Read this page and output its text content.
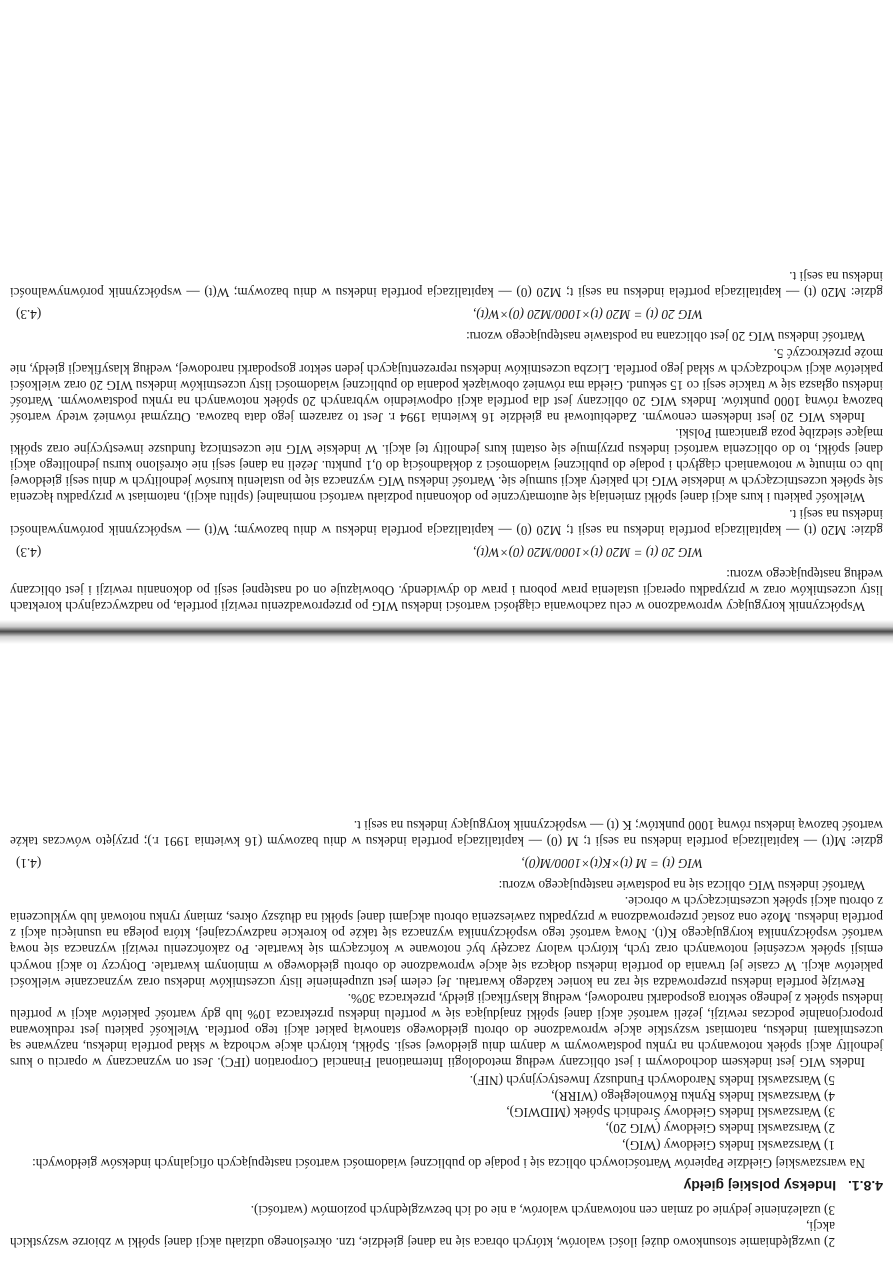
2) uwzględniamie stosunkowo dużej ilości walorów, których obraca się na danej giełdzie, tzn. określonego udziału akcji danej spółki w zbiorze wszystkich akcji,
3) uzależnienie jedynie od zmian cen notowanych walorów, a nie od ich bezwzględnych poziomów (wartości).
4.8.1. Indeksy polskiej giełdy

Na warszawskiej Giełdzie Papierów Wartościowych oblicza się i podaje do publicznej wiadomości wartości następujących oficjalnych indeksów giełdowych:

1) Warszawski Indeks Giełdowy (WIG),
2) Warszawski Indeks Giełdowy (WIG 20),
3) Warszawski Indeks Giełdowy Średnich Spółek (MIDWIG),
4) Warszawski Indeks Rynku Równoległego (WIRR),
5) Warszawski Indeks Narodowych Funduszy Inwestycyjnych (NIF).

Indeks WIG jest indeksem dochodowym i jest obliczany według metodologii International Financial Corporation (IFC). Jest on wyznaczany w oparciu o kurs jednolity akcji spółek notowanych na rynku podstawowym w danym dniu giełdowej sesji. Spółki, których akcje wchodzą w skład portfela indeksu, nazywane są uczestnikami indeksu, natomiast wszystkie akcje wprowadzone do obrotu giełdowego stanowią pakiet akcji tego portfela. Wielkość pakietu jest redukowana proporcjonalnie podczas rewizji, jeżeli wartość akcji danej spółki znajdująca się w portfelu indeksu przekracza 10% lub gdy wartość pakietów akcji w portfelu indeksu spółek z jednego sektora gospodarki narodowej, według klasyfikacji giełdy, przekracza 30%.

Rewizję portfela indeksu przeprowadza się raz na koniec każdego kwartału. Jej celem jest uzupełnienie listy uczestników indeksu oraz wyznaczanie wielkości pakietów akcji. W czasie jej trwania do portfela indeksu dołącza się akcje wprowadzone do obrotu giełdowego w minionym kwartale. Dotyczy to akcji nowych emisji spółek wcześniej notowanych oraz tych, których walory zaczęły być notowane w kończącym się kwartale. Po zakończeniu rewizji wyznacza się nową wartość współczynnika korygującego K(t). Nową wartość tego współczynnika wyznacza się także po korekcie nadzwyczajnej, która polega na usunięciu akcji z portfela indeksu. Może ona zostać przeprowadzona w przypadku zawieszenia obrotu akcjami danej spółki na dłuższy okres, zmiany rynku notowań lub wykluczenia z obrotu akcji spółek uczestniczących w obrocie.

Wartość indeksu WIG oblicza się na podstawie następującego wzoru:

WIG (t) = M (t)×K(t)×1000/M(0),
(4.1)

gdzie: M(t) — kapitalizacja portfela indeksu na sesji t; M (0) — kapitalizacja portfela indeksu w dniu bazowym (16 kwietnia 1991 r.); przyjęto wówczas także wartość bazową indeksu równą 1000 punktów; K (t) — współczynnik korygujący indeksu na sesji t.

Współczynnik korygujący wprowadzono w celu zachowania ciągłości wartości indeksu WIG po przeprowadzeniu rewizji portfela, po nadzwyczajnych korektach listy uczestników oraz w przypadku operacji ustalenia praw poboru i praw do dywidendy. Obowiązuje on od następnej sesji po dokonaniu rewizji i jest obliczany według następującego wzoru:

WIG 20 (t) = M20 (t)×1000/M20 (0)×W(t),
(4.3)

gdzie: M20 (t) — kapitalizacja portfela indeksu na sesji t; M20 (0) — kapitalizacja portfela indeksu w dniu bazowym; W(t) — współczynnik porównywalności indeksu na sesji t.

Wielkość pakietu i kurs akcji danej spółki zmieniają się automatycznie po dokonaniu podziału wartości nominalnej (splitu akcji), natomiast w przypadku łączenia się spółek uczestniczących w indeksie WIG ich pakiety akcji sumuje się. Wartość indeksu WIG wyznacza się po ustaleniu kursów jednolitych w dniu sesji giełdowej lub co minutę w notowaniach ciągłych i podaje do publicznej wiadomości z dokładnością do 0,1 punktu. Jeżeli na danej sesji nie określono kursu jednolitego akcji danej spółki, to do obliczenia wartości indeksu przyjmuje się ostatni kurs jednolity tej akcji. W indeksie WIG nie uczestniczą fundusze inwestycyjne oraz spółki mające siedzibę poza granicami Polski.

Indeks WIG 20 jest indeksem cenowym. Zadebiutował na giełdzie 16 kwietnia 1994 r. Jest to zarazem jego data bazowa. Otrzymał również wtedy wartość bazową równą 1000 punktów. Indeks WIG 20 obliczany jest dla portfela akcji odpowiednio wybranych 20 spółek notowanych na rynku podstawowym. Wartość indeksu ogłasza się w trakcie sesji co 15 sekund. Giełda ma również obowiązek podania do publicznej wiadomości listy uczestników indeksu WIG 20 oraz wielkości pakietów akcji wchodzących w skład jego portfela. Liczba uczestników indeksu reprezentujących jeden sektor gospodarki narodowej, według klasyfikacji giełdy, nie może przekroczyć 5.

Wartość indeksu WIG 20 jest obliczana na podstawie następującego wzoru:

WIG 20 (t) = M20 (t)×1000/M20 (0)×W(t),
(4.3)

gdzie: M20 (t) — kapitalizacja portfela indeksu na sesji t; M20 (0) — kapitalizacja portfela indeksu w dniu bazowym; W(t) — współczynnik porównywalności indeksu na sesji t.
